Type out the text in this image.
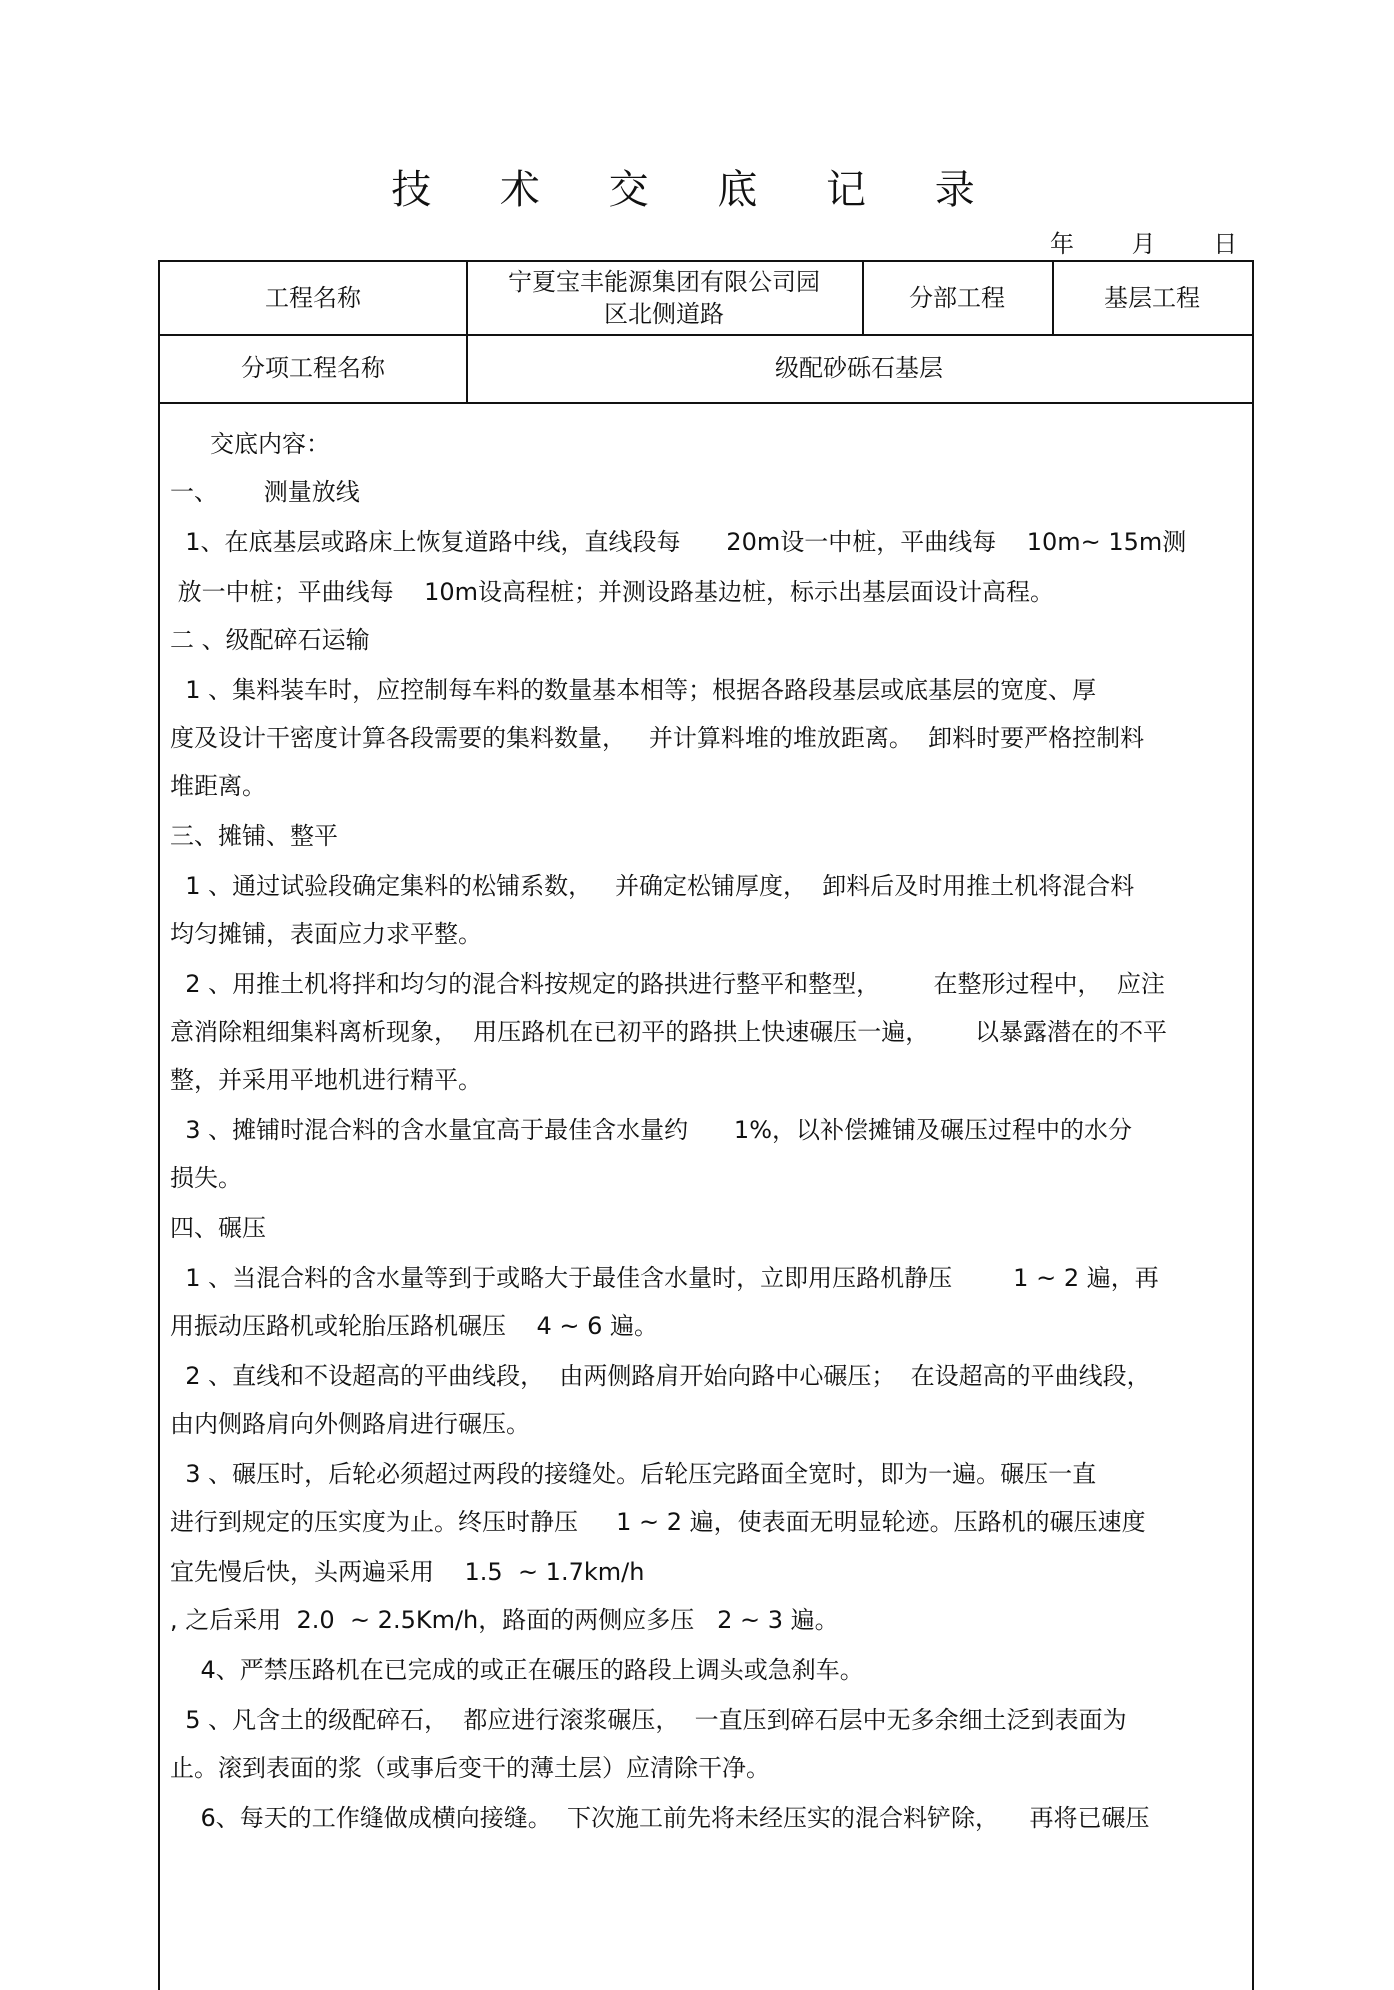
技 术 交 底 记 录
年 月 日
工程名称
宁夏宝丰能源集团有限公司园
区北侧道路
分部工程	基层工程
分项工程名称	级配砂砾石基层
交底内容：
一、      测量放线
1、在底基层或路床上恢复道路中线，直线段每      20m设一中桩，平曲线每    10m~ 15m测
放一中桩；平曲线每    10m设高程桩；并测设路基边桩，标示出基层面设计高程。
二 、级配碎石运输
1 、集料装车时，应控制每车料的数量基本相等；根据各路段基层或底基层的宽度、厚
度及设计干密度计算各段需要的集料数量，   并计算料堆的堆放距离。  卸料时要严格控制料
堆距离。
三、摊铺、整平
1 、通过试验段确定集料的松铺系数，   并确定松铺厚度，  卸料后及时用推土机将混合料
均匀摊铺，表面应力求平整。
2 、用推土机将拌和均匀的混合料按规定的路拱进行整平和整型，       在整形过程中，  应注
意消除粗细集料离析现象，  用压路机在已初平的路拱上快速碾压一遍，      以暴露潜在的不平
整，并采用平地机进行精平。
3 、摊铺时混合料的含水量宜高于最佳含水量约      1%，以补偿摊铺及碾压过程中的水分
损失。
四、碾压
1 、当混合料的含水量等到于或略大于最佳含水量时，立即用压路机静压        1 ~ 2 遍，再
用振动压路机或轮胎压路机碾压    4 ~ 6 遍。
2 、直线和不设超高的平曲线段，  由两侧路肩开始向路中心碾压；  在设超高的平曲线段，
由内侧路肩向外侧路肩进行碾压。
3 、碾压时，后轮必须超过两段的接缝处。后轮压完路面全宽时，即为一遍。碾压一直
进行到规定的压实度为止。终压时静压     1 ~ 2 遍，使表面无明显轮迹。压路机的碾压速度
宜先慢后快，头两遍采用    1.5  ~ 1.7km/h
, 之后采用  2.0  ~ 2.5Km/h，路面的两侧应多压   2 ~ 3 遍。
4、严禁压路机在已完成的或正在碾压的路段上调头或急刹车。
5 、凡含土的级配碎石，  都应进行滚浆碾压，  一直压到碎石层中无多余细土泛到表面为
止。滚到表面的浆（或事后变干的薄土层）应清除干净。
6、每天的工作缝做成横向接缝。  下次施工前先将未经压实的混合料铲除，    再将已碾压
